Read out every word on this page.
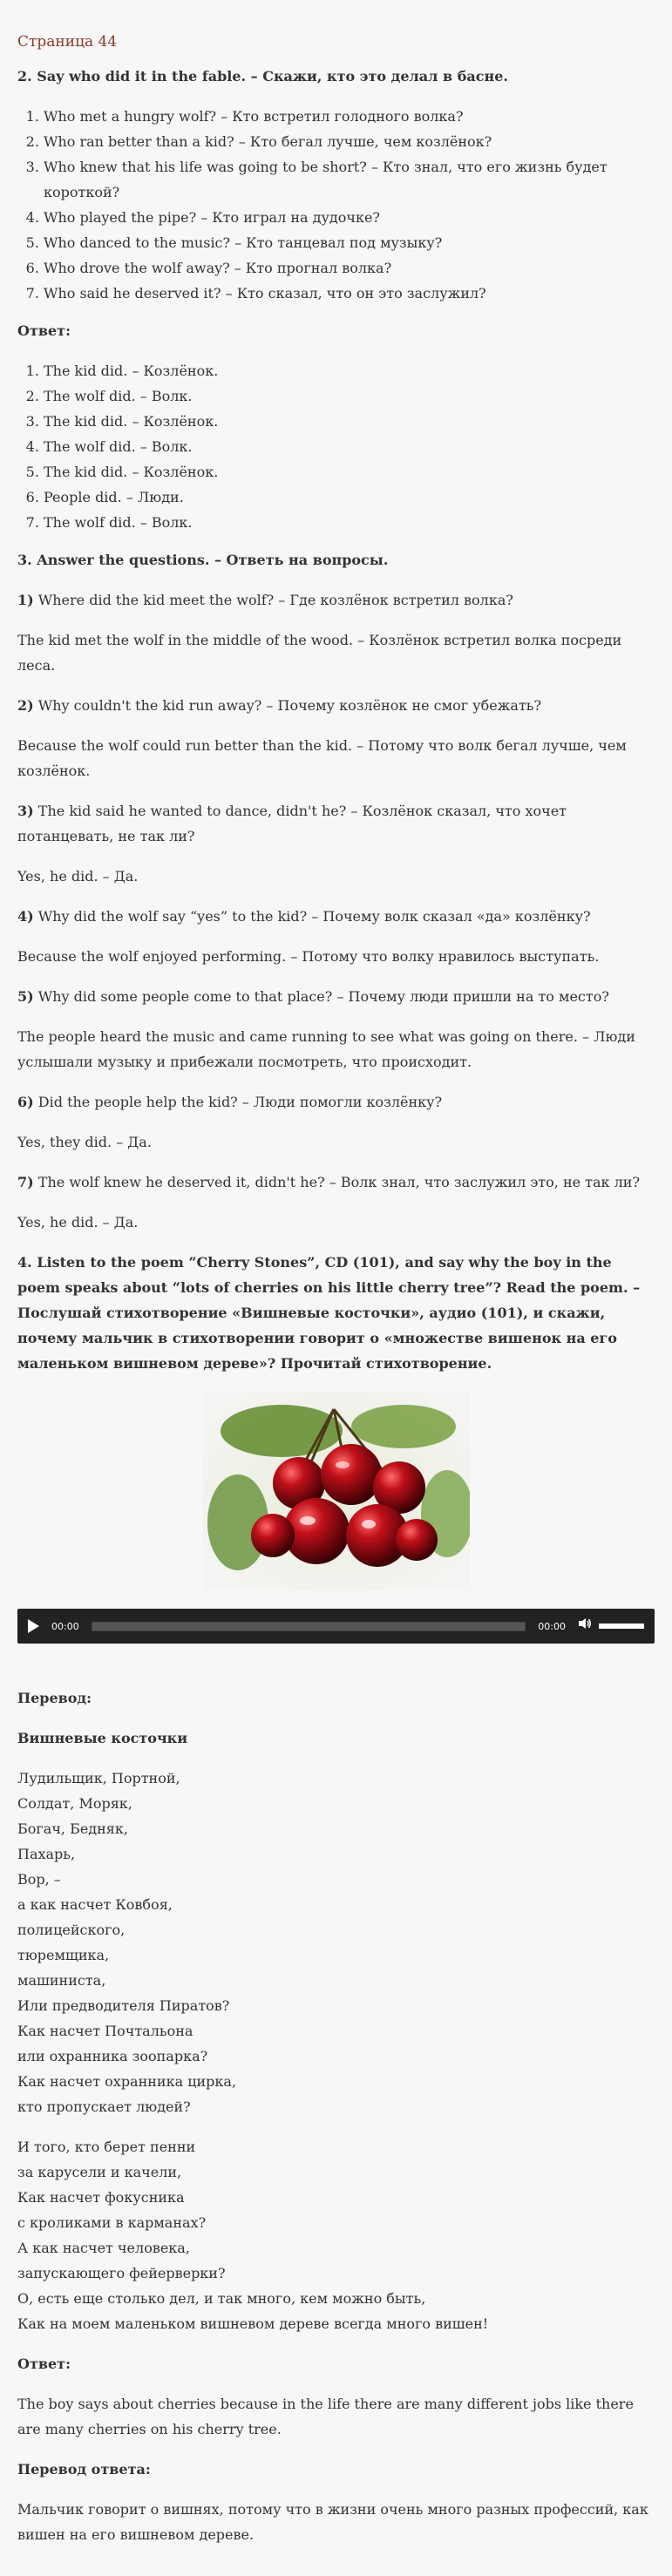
Страница 44

2. Say who did it in the fable. – Скажи, кто это делал в басне.

1. Who met a hungry wolf? – Кто встретил голодного волка?
2. Who ran better than a kid? – Кто бегал лучше, чем козлёнок?
3. Who knew that his life was going to be short? – Кто знал, что его жизнь будет короткой?
4. Who played the pipe? – Кто играл на дудочке?
5. Who danced to the music? – Кто танцевал под музыку?
6. Who drove the wolf away? – Кто прогнал волка?
7. Who said he deserved it? – Кто сказал, что он это заслужил?

Ответ:

1. The kid did. – Козлёнок.
2. The wolf did. – Волк.
3. The kid did. – Козлёнок.
4. The wolf did. – Волк.
5. The kid did. – Козлёнок.
6. People did. – Люди.
7. The wolf did. – Волк.

3. Answer the questions. – Ответь на вопросы.

1) Where did the kid meet the wolf? – Где козлёнок встретил волка?

The kid met the wolf in the middle of the wood. – Козлёнок встретил волка посреди леса.

2) Why couldn't the kid run away? – Почему козлёнок не смог убежать?

Because the wolf could run better than the kid. – Потому что волк бегал лучше, чем козлёнок.

3) The kid said he wanted to dance, didn't he? – Козлёнок сказал, что хочет потанцевать, не так ли?

Yes, he did. – Да.

4) Why did the wolf say “yes” to the kid? – Почему волк сказал «да» козлёнку?

Because the wolf enjoyed performing. – Потому что волку нравилось выступать.

5) Why did some people come to that place? – Почему люди пришли на то место?

The people heard the music and came running to see what was going on there. – Люди услышали музыку и прибежали посмотреть, что происходит.

6) Did the people help the kid? – Люди помогли козлёнку?

Yes, they did. – Да.

7) The wolf knew he deserved it, didn't he? – Волк знал, что заслужил это, не так ли?

Yes, he did. – Да.

4. Listen to the poem “Cherry Stones”, CD (101), and say why the boy in the poem speaks about “lots of cherries on his little cherry tree”? Read the poem. – Послушай стихотворение «Вишневые косточки», аудио (101), и скажи, почему мальчик в стихотворении говорит о «множестве вишенок на его маленьком вишневом дереве»? Прочитай стихотворение.

00:00	00:00

Перевод:

Вишневые косточки

Лудильщик, Портной,
Солдат, Моряк,
Богач, Бедняк,
Пахарь,
Вор, –
а как насчет Ковбоя,
полицейского,
тюремщика,
машиниста,
Или предводителя Пиратов?
Как насчет Почтальона
или охранника зоопарка?
Как насчет охранника цирка,
кто пропускает людей?

И того, кто берет пенни
за карусели и качели,
Как насчет фокусника
с кроликами в карманах?
А как насчет человека,
запускающего фейерверки?
О, есть еще столько дел, и так много, кем можно быть,
Как на моем маленьком вишневом дереве всегда много вишен!

Ответ:

The boy says about cherries because in the life there are many different jobs like there are many cherries on his cherry tree.

Перевод ответа:

Мальчик говорит о вишнях, потому что в жизни очень много разных профессий, как вишен на его вишневом дереве.
